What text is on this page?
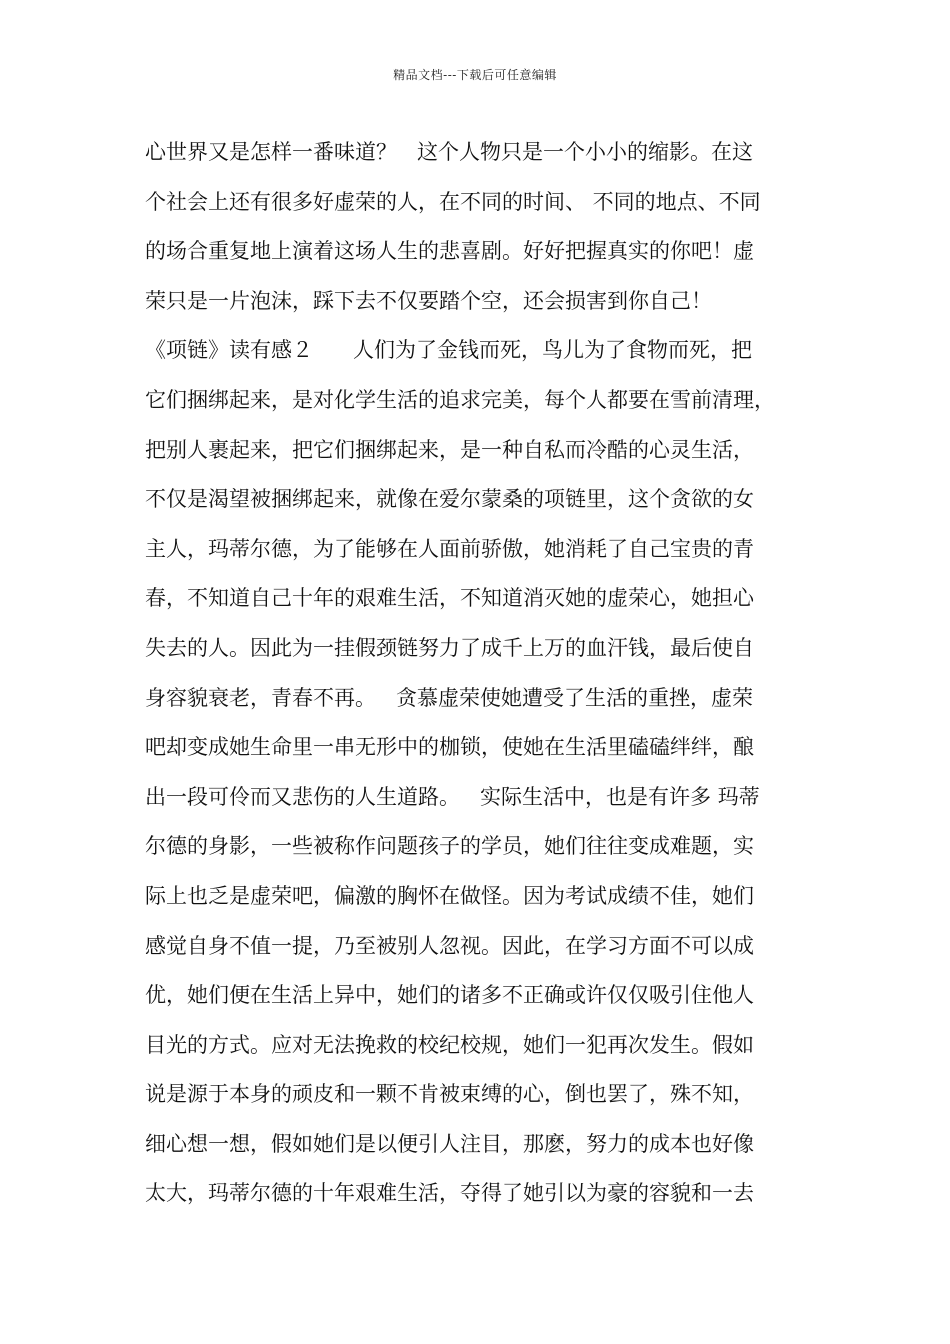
精品文档---下载后可任意编辑
心世界又是怎样一番味道？   这个人物只是一个小小的缩影。在这
个社会上还有很多好虚荣的人，在不同的时间、 不同的地点、不同
的场合重复地上演着这场人生的悲喜剧。好好把握真实的你吧！虚
荣只是一片泡沫，踩下去不仅要踏个空，还会损害到你自己！
《项链》读有感２      人们为了金钱而死，鸟儿为了食物而死，把
它们捆绑起来，是对化学生活的追求完美，每个人都要在雪前清理，
把别人裹起来，把它们捆绑起来，是一种自私而冷酷的心灵生活，
不仅是渴望被捆绑起来，就像在爱尔蒙桑的项链里，这个贪欲的女
主人，玛蒂尔德，为了能够在人面前骄傲，她消耗了自己宝贵的青
春，不知道自己十年的艰难生活，不知道消灭她的虚荣心，她担心
失去的人。因此为一挂假颈链努力了成千上万的血汗钱，最后使自
身容貌衰老，青春不再。   贪慕虚荣使她遭受了生活的重挫，虚荣
吧却变成她生命里一串无形中的枷锁，使她在生活里磕磕绊绊，酿
出一段可伶而又悲伤的人生道路。   实际生活中，也是有许多 玛蒂
尔德的身影，一些被称作问题孩子的学员，她们往往变成难题，实
际上也乏是虚荣吧，偏激的胸怀在做怪。因为考试成绩不佳，她们
感觉自身不值一提，乃至被别人忽视。因此，在学习方面不可以成
优，她们便在生活上异中，她们的诸多不正确或许仅仅吸引住他人
目光的方式。应对无法挽救的校纪校规，她们一犯再次发生。假如
说是源于本身的顽皮和一颗不肯被束缚的心，倒也罢了，殊不知，
细心想一想，假如她们是以便引人注目，那麽，努力的成本也好像
太大，玛蒂尔德的十年艰难生活，夺得了她引以为豪的容貌和一去
